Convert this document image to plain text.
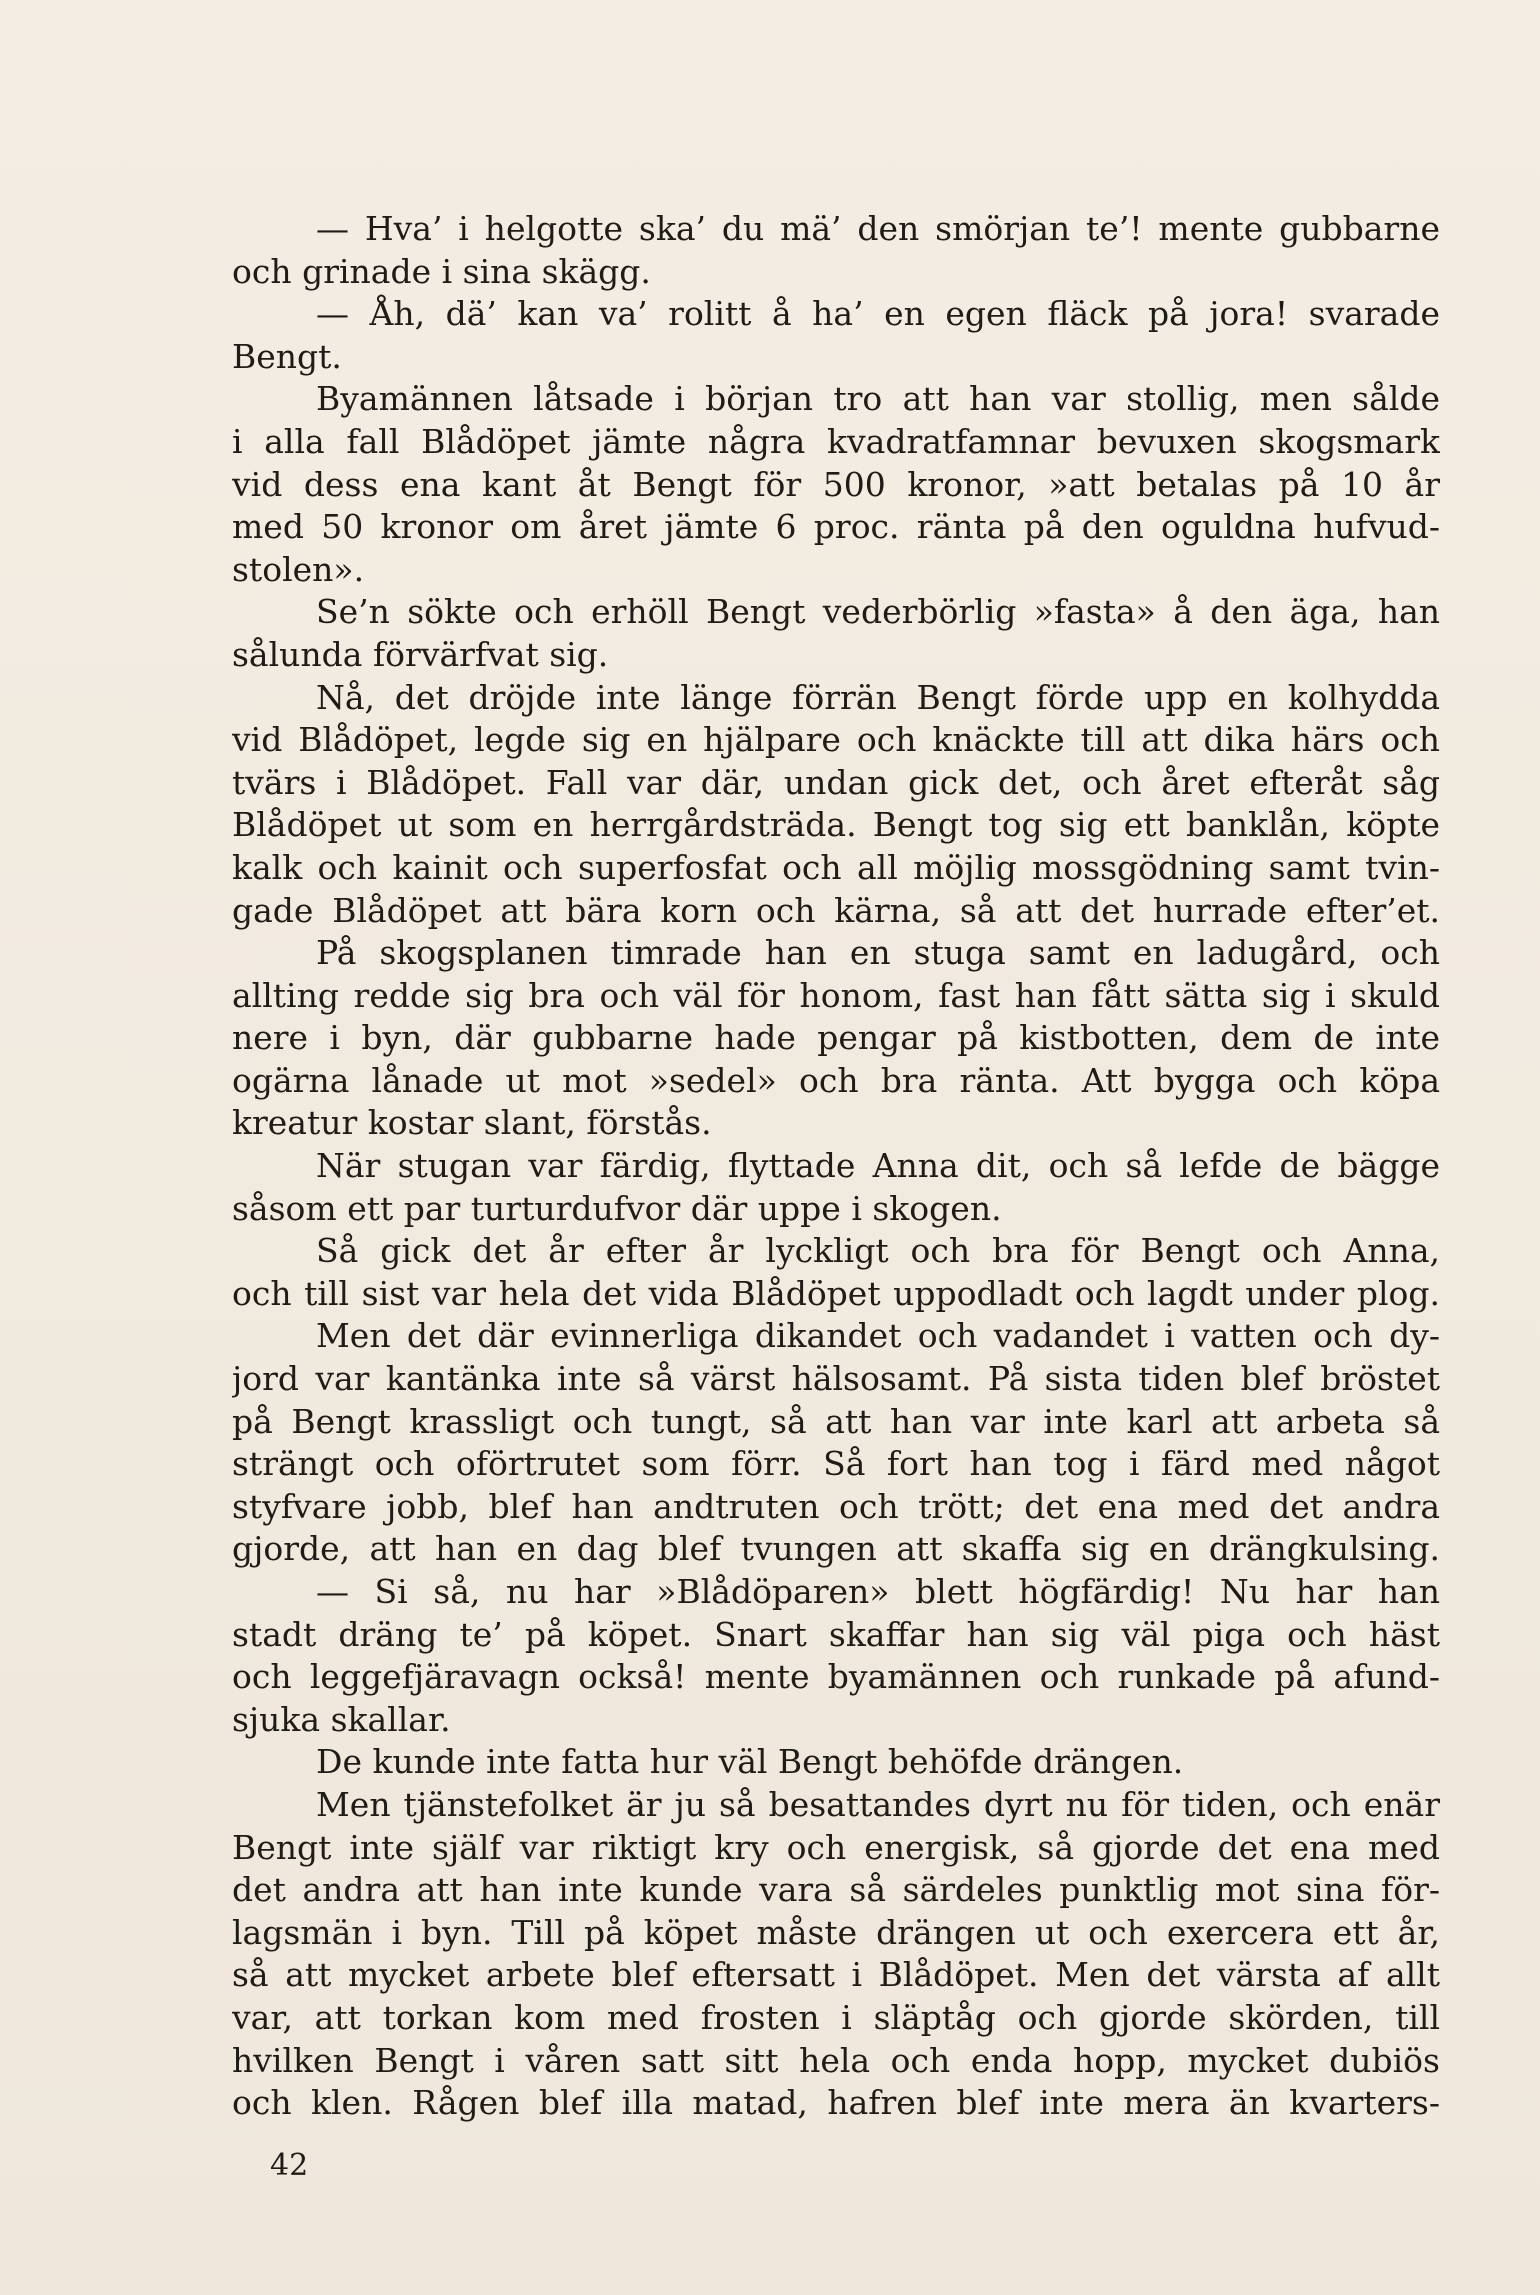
— Hva’ i helgotte ska’ du mä’ den smörjan te’! mente gubbarne
och grinade i sina skägg.
— Åh, dä’ kan va’ rolitt å ha’ en egen fläck på jora! svarade
Bengt.
Byamännen låtsade i början tro att han var stollig, men sålde
i alla fall Blådöpet jämte några kvadratfamnar bevuxen skogsmark
vid dess ena kant åt Bengt för 500 kronor, »att betalas på 10 år
med 50 kronor om året jämte 6 proc. ränta på den oguldna hufvud-
stolen».
Se’n sökte och erhöll Bengt vederbörlig »fasta» å den äga, han
sålunda förvärfvat sig.
Nå, det dröjde inte länge förrän Bengt förde upp en kolhydda
vid Blådöpet, legde sig en hjälpare och knäckte till att dika härs och
tvärs i Blådöpet. Fall var där, undan gick det, och året efteråt såg
Blådöpet ut som en herrgårdsträda. Bengt tog sig ett banklån, köpte
kalk och kainit och superfosfat och all möjlig mossgödning samt tvin-
gade Blådöpet att bära korn och kärna, så att det hurrade efter’et.
På skogsplanen timrade han en stuga samt en ladugård, och
allting redde sig bra och väl för honom, fast han fått sätta sig i skuld
nere i byn, där gubbarne hade pengar på kistbotten, dem de inte
ogärna lånade ut mot »sedel» och bra ränta. Att bygga och köpa
kreatur kostar slant, förstås.
När stugan var färdig, flyttade Anna dit, och så lefde de bägge
såsom ett par turturdufvor där uppe i skogen.
Så gick det år efter år lyckligt och bra för Bengt och Anna,
och till sist var hela det vida Blådöpet uppodladt och lagdt under plog.
Men det där evinnerliga dikandet och vadandet i vatten och dy-
jord var kantänka inte så värst hälsosamt. På sista tiden blef bröstet
på Bengt krassligt och tungt, så att han var inte karl att arbeta så
strängt och oförtrutet som förr. Så fort han tog i färd med något
styfvare jobb, blef han andtruten och trött; det ena med det andra
gjorde, att han en dag blef tvungen att skaffa sig en drängkulsing.
— Si så, nu har »Blådöparen» blett högfärdig! Nu har han
stadt dräng te’ på köpet. Snart skaffar han sig väl piga och häst
och leggefjäravagn också! mente byamännen och runkade på afund-
sjuka skallar.
De kunde inte fatta hur väl Bengt behöfde drängen.
Men tjänstefolket är ju så besattandes dyrt nu för tiden, och enär
Bengt inte själf var riktigt kry och energisk, så gjorde det ena med
det andra att han inte kunde vara så särdeles punktlig mot sina för-
lagsmän i byn. Till på köpet måste drängen ut och exercera ett år,
så att mycket arbete blef eftersatt i Blådöpet. Men det värsta af allt
var, att torkan kom med frosten i släptåg och gjorde skörden, till
hvilken Bengt i våren satt sitt hela och enda hopp, mycket dubiös
och klen. Rågen blef illa matad, hafren blef inte mera än kvarters-
42
